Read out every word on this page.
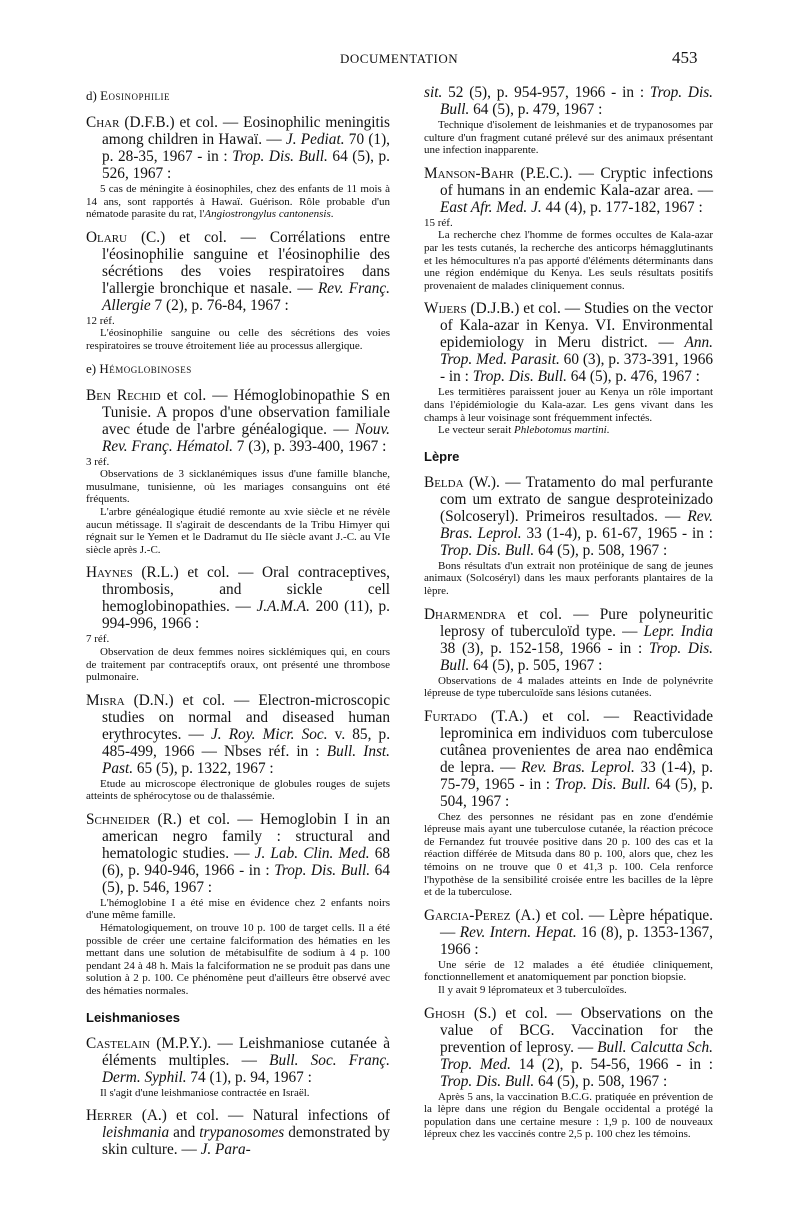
DOCUMENTATION	453
d) Eosinophilie
Char (D.F.B.) et col. — Eosinophilic meningitis among children in Hawaï. — J. Pediat. 70 (1), p. 28-35, 1967 - in : Trop. Dis. Bull. 64 (5), p. 526, 1967 :

5 cas de méningite à éosinophiles, chez des enfants de 11 mois à 14 ans, sont rapportés à Hawaï. Guérison. Rôle probable d'un nématode parasite du rat, l'Angiostrongylus cantonensis.

Olaru (C.) et col. — Corrélations entre l'éosinophilie sanguine et l'éosinophilie des sécrétions des voies respiratoires dans l'allergie bronchique et nasale. — Rev. Franç. Allergie 7 (2), p. 76-84, 1967 :

12 réf.

L'éosinophilie sanguine ou celle des sécrétions des voies respiratoires se trouve étroitement liée au processus allergique.

e) Hémoglobinoses
Ben Rechid et col. — Hémoglobinopathie S en Tunisie. A propos d'une observation familiale avec étude de l'arbre généalogique. — Nouv. Rev. Franç. Hématol. 7 (3), p. 393-400, 1967 :

3 réf.

Observations de 3 sicklanémiques issus d'une famille blanche, musulmane, tunisienne, où les mariages consanguins ont été fréquents.

L'arbre généalogique étudié remonte au xvie siècle et ne révèle aucun métissage. Il s'agirait de descendants de la Tribu Himyer qui régnait sur le Yemen et le Dadramut du IIe siècle avant J.-C. au VIe siècle après J.-C.

Haynes (R.L.) et col. — Oral contraceptives, thrombosis, and sickle cell hemoglobinopathies. — J.A.M.A. 200 (11), p. 994-996, 1966 :

7 réf.

Observation de deux femmes noires sicklémiques qui, en cours de traitement par contraceptifs oraux, ont présenté une thrombose pulmonaire.

Misra (D.N.) et col. — Electron-microscopic studies on normal and diseased human erythrocytes. — J. Roy. Micr. Soc. v. 85, p. 485-499, 1966 — Nbses réf. in : Bull. Inst. Past. 65 (5), p. 1322, 1967 :

Etude au microscope électronique de globules rouges de sujets atteints de sphérocytose ou de thalassémie.

Schneider (R.) et col. — Hemoglobin I in an american negro family : structural and hematologic studies. — J. Lab. Clin. Med. 68 (6), p. 940-946, 1966 - in : Trop. Dis. Bull. 64 (5), p. 546, 1967 :

L'hémoglobine I a été mise en évidence chez 2 enfants noirs d'une même famille.

Hématologiquement, on trouve 10 p. 100 de target cells. Il a été possible de créer une certaine falciformation des hématies en les mettant dans une solution de métabisulfite de sodium à 4 p. 100 pendant 24 à 48 h. Mais la falciformation ne se produit pas dans une solution à 2 p. 100. Ce phénomène peut d'ailleurs être observé avec des hématies normales.

Leishmanioses
Castelain (M.P.Y.). — Leishmaniose cutanée à éléments multiples. — Bull. Soc. Franç. Derm. Syphil. 74 (1), p. 94, 1967 :

Il s'agit d'une leishmaniose contractée en Israël.

Herrer (A.) et col. — Natural infections of leishmania and trypanosomes demonstrated by skin culture. — J. Para-
sit. 52 (5), p. 954-957, 1966 - in : Trop. Dis. Bull. 64 (5), p. 479, 1967 :

Technique d'isolement de leishmanies et de trypanosomes par culture d'un fragment cutané prélevé sur des animaux présentant une infection inapparente.

Manson-Bahr (P.E.C.). — Cryptic infections of humans in an endemic Kala-azar area. — East Afr. Med. J. 44 (4), p. 177-182, 1967 :

15 réf.

La recherche chez l'homme de formes occultes de Kala-azar par les tests cutanés, la recherche des anticorps hémagglutinants et les hémocultures n'a pas apporté d'éléments déterminants dans une région endémique du Kenya. Les seuls résultats positifs provenaient de malades cliniquement connus.

Wijers (D.J.B.) et col. — Studies on the vector of Kala-azar in Kenya. VI. Environmental epidemiology in Meru district. — Ann. Trop. Med. Parasit. 60 (3), p. 373-391, 1966 - in : Trop. Dis. Bull. 64 (5), p. 476, 1967 :

Les termitières paraissent jouer au Kenya un rôle important dans l'épidémiologie du Kala-azar. Les gens vivant dans les champs à leur voisinage sont fréquemment infectés.

Le vecteur serait Phlebotomus martini.

Lèpre
Belda (W.). — Tratamento do mal perfurante com um extrato de sangue desproteinizado (Solcoseryl). Primeiros resultados. — Rev. Bras. Leprol. 33 (1-4), p. 61-67, 1965 - in : Trop. Dis. Bull. 64 (5), p. 508, 1967 :

Bons résultats d'un extrait non protéinique de sang de jeunes animaux (Solcoséryl) dans les maux perforants plantaires de la lèpre.

Dharmendra et col. — Pure polyneuritic leprosy of tuberculoïd type. — Lepr. India 38 (3), p. 152-158, 1966 - in : Trop. Dis. Bull. 64 (5), p. 505, 1967 :

Observations de 4 malades atteints en Inde de polynévrite lépreuse de type tuberculoïde sans lésions cutanées.

Furtado (T.A.) et col. — Reactividade leprominica em individuos com tuberculose cutânea provenientes de area nao endêmica de lepra. — Rev. Bras. Leprol. 33 (1-4), p. 75-79, 1965 - in : Trop. Dis. Bull. 64 (5), p. 504, 1967 :

Chez des personnes ne résidant pas en zone d'endémie lépreuse mais ayant une tuberculose cutanée, la réaction précoce de Fernandez fut trouvée positive dans 20 p. 100 des cas et la réaction différée de Mitsuda dans 80 p. 100, alors que, chez les témoins on ne trouve que 0 et 41,3 p. 100. Cela renforce l'hypothèse de la sensibilité croisée entre les bacilles de la lèpre et de la tuberculose.

Garcia-Perez (A.) et col. — Lèpre hépatique. — Rev. Intern. Hepat. 16 (8), p. 1353-1367, 1966 :

Une série de 12 malades a été étudiée cliniquement, fonctionnellement et anatomiquement par ponction biopsie.

Il y avait 9 lépromateux et 3 tuberculoïdes.

Ghosh (S.) et col. — Observations on the value of BCG. Vaccination for the prevention of leprosy. — Bull. Calcutta Sch. Trop. Med. 14 (2), p. 54-56, 1966 - in : Trop. Dis. Bull. 64 (5), p. 508, 1967 :

Après 5 ans, la vaccination B.C.G. pratiquée en prévention de la lèpre dans une région du Bengale occidental a protégé la population dans une certaine mesure : 1,9 p. 100 de nouveaux lépreux chez les vaccinés contre 2,5 p. 100 chez les témoins.
